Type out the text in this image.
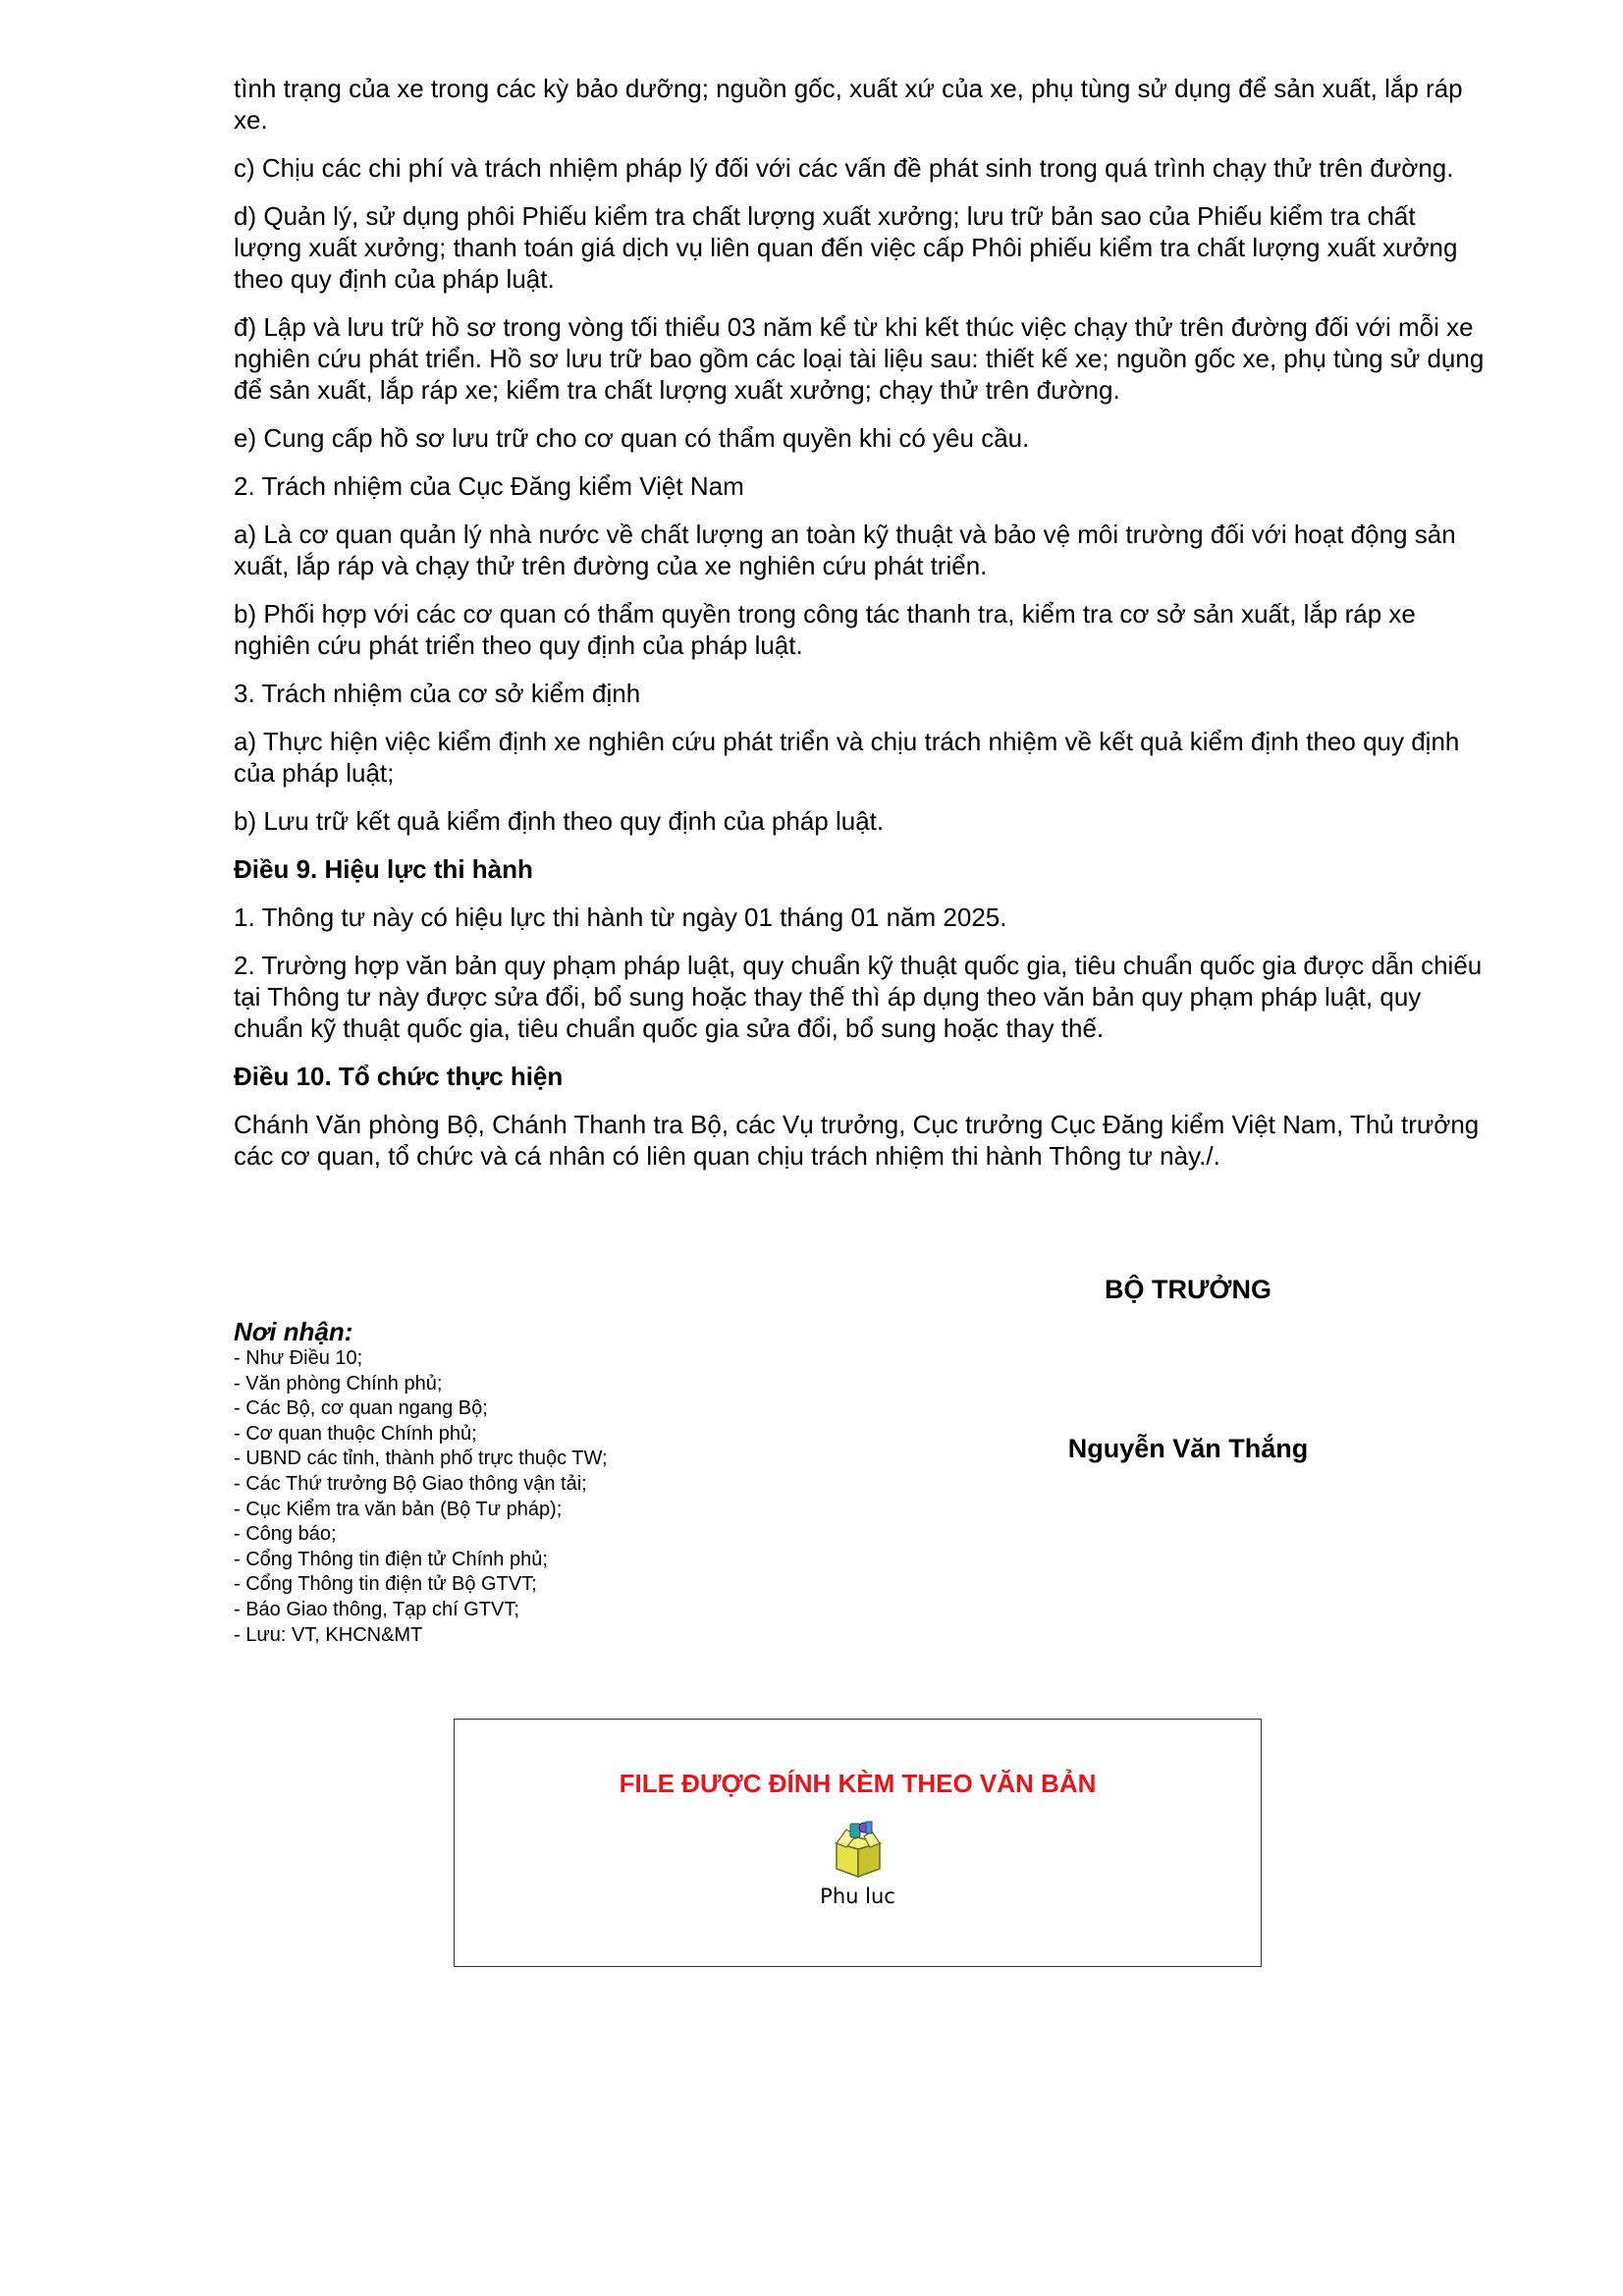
tình trạng của xe trong các kỳ bảo dưỡng; nguồn gốc, xuất xứ của xe, phụ tùng sử dụng để sản xuất, lắp ráp xe.

c) Chịu các chi phí và trách nhiệm pháp lý đối với các vấn đề phát sinh trong quá trình chạy thử trên đường.

d) Quản lý, sử dụng phôi Phiếu kiểm tra chất lượng xuất xưởng; lưu trữ bản sao của Phiếu kiểm tra chất lượng xuất xưởng; thanh toán giá dịch vụ liên quan đến việc cấp Phôi phiếu kiểm tra chất lượng xuất xưởng theo quy định của pháp luật.

đ) Lập và lưu trữ hồ sơ trong vòng tối thiểu 03 năm kể từ khi kết thúc việc chạy thử trên đường đối với mỗi xe nghiên cứu phát triển. Hồ sơ lưu trữ bao gồm các loại tài liệu sau: thiết kế xe; nguồn gốc xe, phụ tùng sử dụng để sản xuất, lắp ráp xe; kiểm tra chất lượng xuất xưởng; chạy thử trên đường.

e) Cung cấp hồ sơ lưu trữ cho cơ quan có thẩm quyền khi có yêu cầu.

2. Trách nhiệm của Cục Đăng kiểm Việt Nam

a) Là cơ quan quản lý nhà nước về chất lượng an toàn kỹ thuật và bảo vệ môi trường đối với hoạt động sản xuất, lắp ráp và chạy thử trên đường của xe nghiên cứu phát triển.

b) Phối hợp với các cơ quan có thẩm quyền trong công tác thanh tra, kiểm tra cơ sở sản xuất, lắp ráp xe nghiên cứu phát triển theo quy định của pháp luật.

3. Trách nhiệm của cơ sở kiểm định

a) Thực hiện việc kiểm định xe nghiên cứu phát triển và chịu trách nhiệm về kết quả kiểm định theo quy định của pháp luật;

b) Lưu trữ kết quả kiểm định theo quy định của pháp luật.

Điều 9. Hiệu lực thi hành

1. Thông tư này có hiệu lực thi hành từ ngày 01 tháng 01 năm 2025.

2. Trường hợp văn bản quy phạm pháp luật, quy chuẩn kỹ thuật quốc gia, tiêu chuẩn quốc gia được dẫn chiếu tại Thông tư này được sửa đổi, bổ sung hoặc thay thế thì áp dụng theo văn bản quy phạm pháp luật, quy chuẩn kỹ thuật quốc gia, tiêu chuẩn quốc gia sửa đổi, bổ sung hoặc thay thế.

Điều 10. Tổ chức thực hiện

Chánh Văn phòng Bộ, Chánh Thanh tra Bộ, các Vụ trưởng, Cục trưởng Cục Đăng kiểm Việt Nam, Thủ trưởng các cơ quan, tổ chức và cá nhân có liên quan chịu trách nhiệm thi hành Thông tư này./.

BỘ TRƯỞNG
Nguyễn Văn Thắng
Nơi nhận:
- Như Điều 10;
- Văn phòng Chính phủ;
- Các Bộ, cơ quan ngang Bộ;
- Cơ quan thuộc Chính phủ;
- UBND các tỉnh, thành phố trực thuộc TW;
- Các Thứ trưởng Bộ Giao thông vận tải;
- Cục Kiểm tra văn bản (Bộ Tư pháp);
- Công báo;
- Cổng Thông tin điện tử Chính phủ;
- Cổng Thông tin điện tử Bộ GTVT;
- Báo Giao thông, Tạp chí GTVT;
- Lưu: VT, KHCN&MT
FILE ĐƯỢC ĐÍNH KÈM THEO VĂN BẢN
Phu luc
